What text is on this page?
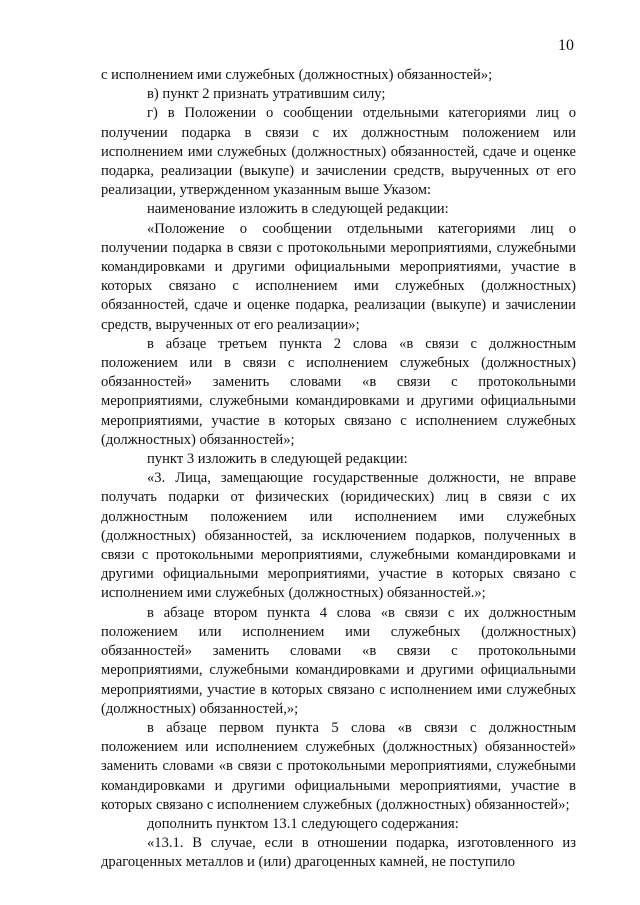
10

с исполнением ими служебных (должностных) обязанностей»;

в) пункт 2 признать утратившим силу;

г) в Положении о сообщении отдельными категориями лиц о получении подарка в связи с их должностным положением или исполнением ими служебных (должностных) обязанностей, сдаче и оценке подарка, реализации (выкупе) и зачислении средств, вырученных от его реализации, утвержденном указанным выше Указом:

наименование изложить в следующей редакции:

«Положение о сообщении отдельными категориями лиц о получении подарка в связи с протокольными мероприятиями, служебными командировками и другими официальными мероприятиями, участие в которых связано с исполнением ими служебных (должностных) обязанностей, сдаче и оценке подарка, реализации (выкупе) и зачислении средств, вырученных от его реализации»;

в абзаце третьем пункта 2 слова «в связи с должностным положением или в связи с исполнением служебных (должностных) обязанностей» заменить словами «в связи с протокольными мероприятиями, служебными командировками и другими официальными мероприятиями, участие в которых связано с исполнением служебных (должностных) обязанностей»;

пункт 3 изложить в следующей редакции:

«3. Лица, замещающие государственные должности, не вправе получать подарки от физических (юридических) лиц в связи с их должностным положением или исполнением ими служебных (должностных) обязанностей, за исключением подарков, полученных в связи с протокольными мероприятиями, служебными командировками и другими официальными мероприятиями, участие в которых связано с исполнением ими служебных (должностных) обязанностей.»;

в абзаце втором пункта 4 слова «в связи с их должностным положением или исполнением ими служебных (должностных) обязанностей» заменить словами «в связи с протокольными мероприятиями, служебными командировками и другими официальными мероприятиями, участие в которых связано с исполнением ими служебных (должностных) обязанностей,»;

в абзаце первом пункта 5 слова «в связи с должностным положением или исполнением служебных (должностных) обязанностей» заменить словами «в связи с протокольными мероприятиями, служебными командировками и другими официальными мероприятиями, участие в которых связано с исполнением служебных (должностных) обязанностей»;

дополнить пунктом 13.1 следующего содержания:

«13.1. В случае, если в отношении подарка, изготовленного из драгоценных металлов и (или) драгоценных камней, не поступило
